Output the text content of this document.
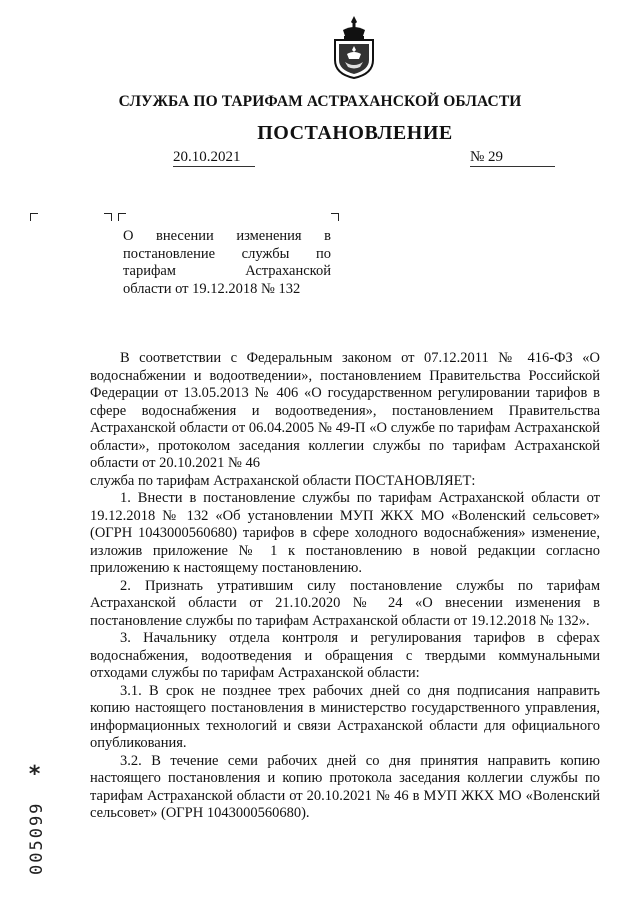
СЛУЖБА ПО ТАРИФАМ АСТРАХАНСКОЙ ОБЛАСТИ
ПОСТАНОВЛЕНИЕ
20.10.2021	№ 29
О внесении изменения в
постановление службы по
тарифам Астраханской
области от 19.12.2018 № 132

В соответствии с Федеральным законом от 07.12.2011 № 416-ФЗ «О водоснабжении и водоотведении», постановлением Правительства Российской Федерации от 13.05.2013 № 406 «О государственном регулировании тарифов в сфере водоснабжения и водоотведения», постановлением Правительства Астраханской области от 06.04.2005 № 49-П «О службе по тарифам Астраханской области», протоколом заседания коллегии службы по тарифам Астраханской области от 20.10.2021 № 46

служба по тарифам Астраханской области ПОСТАНОВЛЯЕТ:

1. Внести в постановление службы по тарифам Астраханской области от 19.12.2018 № 132 «Об установлении МУП ЖКХ МО «Воленский сельсовет» (ОГРН 1043000560680) тарифов в сфере холодного водоснабжения» изменение, изложив приложение № 1 к постановлению в новой редакции согласно приложению к настоящему постановлению.

2. Признать утратившим силу постановление службы по тарифам Астраханской области от 21.10.2020 № 24 «О внесении изменения в постановление службы по тарифам Астраханской области от 19.12.2018 № 132».

3. Начальнику отдела контроля и регулирования тарифов в сферах водоснабжения, водоотведения и обращения с твердыми коммунальными отходами службы по тарифам Астраханской области:

3.1. В срок не позднее трех рабочих дней со дня подписания направить копию настоящего постановления в министерство государственного управления, информационных технологий и связи Астраханской области для официального опубликования.

3.2. В течение семи рабочих дней со дня принятия направить копию настоящего постановления и копию протокола заседания коллегии службы по тарифам Астраханской области от 20.10.2021 № 46 в МУП ЖКХ МО «Воленский сельсовет» (ОГРН 1043000560680).

*
005099
